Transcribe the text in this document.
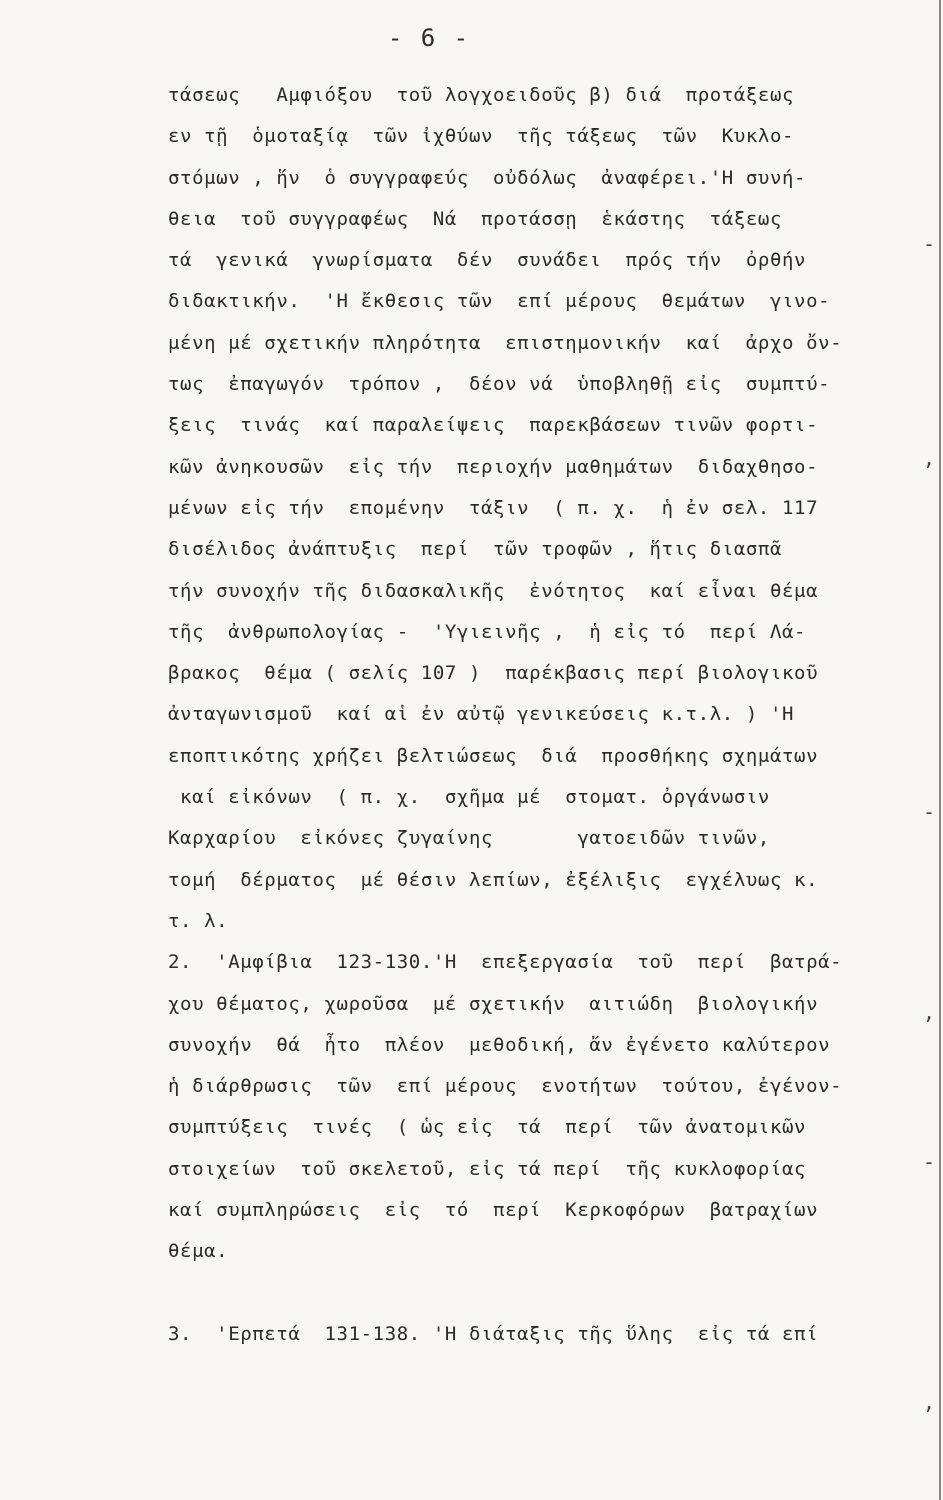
- 6 -
τάσεως   Αμφιόξου  τοῦ λογχοειδοῦς β) διά  προτάξεως
εν τῇ  ὁμοταξίᾳ  τῶν ἰχθύων  τῆς τάξεως  τῶν  Κυκλο-
στόμων , ἥν  ὁ συγγραφεύς  οὐδόλως  ἀναφέρει.'Η συνή-
θεια  τοῦ συγγραφέως  Νά  προτάσσῃ  ἑκάστης  τάξεως
τά  γενικά  γνωρίσματα  δέν  συνάδει  πρός τήν  ὀρθήν
διδακτικήν.  'Η ἔκθεσις τῶν  επί μέρους  θεμάτων  γινο-
μένη μέ σχετικήν πληρότητα  επιστημονικήν  καί  ἀρχο ὄν-
τως  ἐπαγωγόν  τρόπον ,  δέον νά  ὑποβληθῇ εἰς  συμπτύ-
ξεις  τινάς  καί παραλείψεις  παρεκβάσεων τινῶν φορτι-
κῶν ἀνηκουσῶν  εἰς τήν  περιοχήν μαθημάτων  διδαχθησο-
μένων εἰς τήν  επομένην  τάξιν  ( π. χ.  ἡ ἐν σελ. 117
δισέλιδος ἀνάπτυξις  περί  τῶν τροφῶν , ἥτις διασπᾶ
τήν συνοχήν τῆς διδασκαλικῆς  ἐνότητος  καί εἶναι θέμα
τῆς  ἀνθρωπολογίας -  'Υγιεινῆς ,  ἡ εἰς τό  περί Λά-
βρακος  θέμα ( σελίς 107 )  παρέκβασις περί βιολογικοῦ
ἀνταγωνισμοῦ  καί αἱ ἐν αὐτῷ γενικεύσεις κ.τ.λ. ) 'Η
εποπτικότης χρήζει βελτιώσεως  διά  προσθήκης σχημάτων
καί εἰκόνων  ( π. χ.  σχῆμα μέ  στοματ. ὀργάνωσιν
Καρχαρίου  εἰκόνες ζυγαίνης       γατοειδῶν τινῶν,
τομή  δέρματος  μέ θέσιν λεπίων, ἐξέλιξις  εγχέλυως κ.
τ. λ.
2.  'Αμφίβια  123-130.'Η  επεξεργασία  τοῦ  περί  βατρά-
χου θέματος, χωροῦσα  μέ σχετικήν  αιτιώδη  βιολογικήν
συνοχήν  θά  ἦτο  πλέον  μεθοδική, ἄν ἐγένετο καλύτερον
ἡ διάρθρωσις  τῶν  επί μέρους  ενοτήτων  τούτου, ἐγένον-
συμπτύξεις  τινές  ( ὡς εἰς  τά  περί  τῶν ἀνατομικῶν
στοιχείων  τοῦ σκελετοῦ, εἰς τά περί  τῆς κυκλοφορίας
καί συμπληρώσεις  εἰς  τό  περί  Κερκοφόρων  βατραχίων
θέμα.
3.  'Ερπετά  131-138. 'Η διάταξις τῆς ὕλης  εἰς τά επί
-
,
-
,
-
,
